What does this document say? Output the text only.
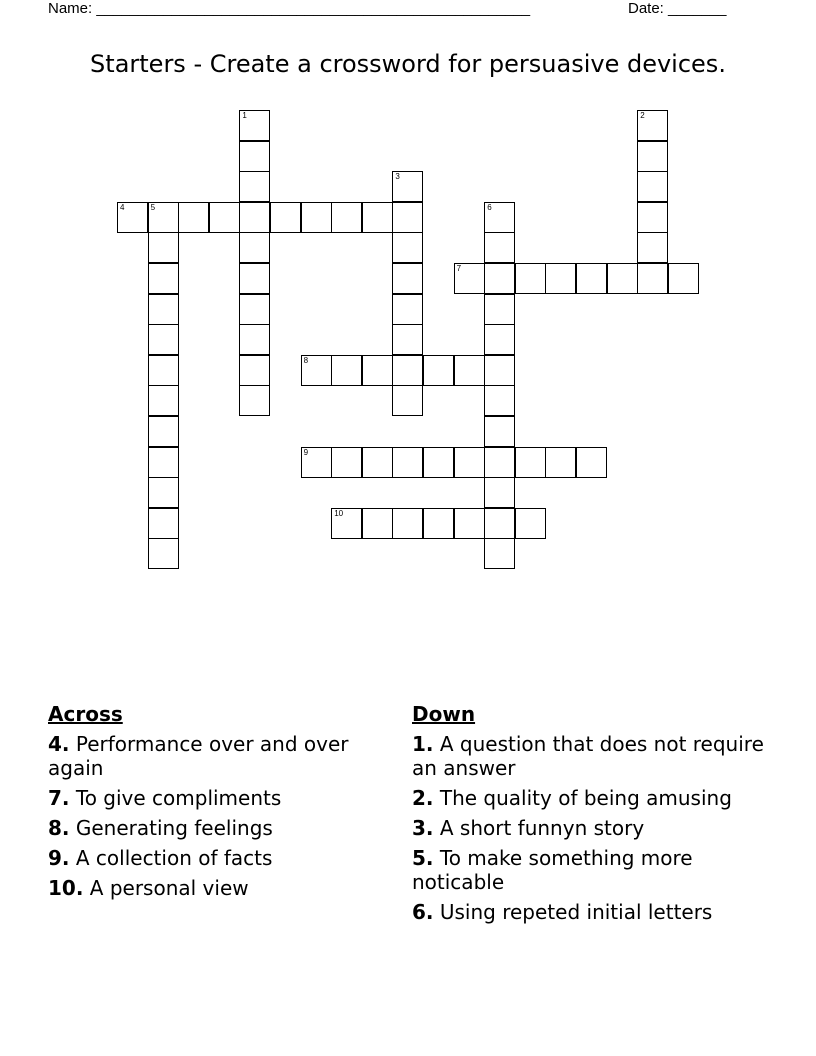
Name: ____________________________________________________	Date: _______
Starters - Create a crossword for persuasive devices.
1	2
3
4	5	6
7
8
9
10
Across
4. Performance over and over again
7. To give compliments
8. Generating feelings
9. A collection of facts
10. A personal view
Down
1. A question that does not require an answer
2. The quality of being amusing
3. A short funnyn story
5. To make something more noticable
6. Using repeted initial letters
